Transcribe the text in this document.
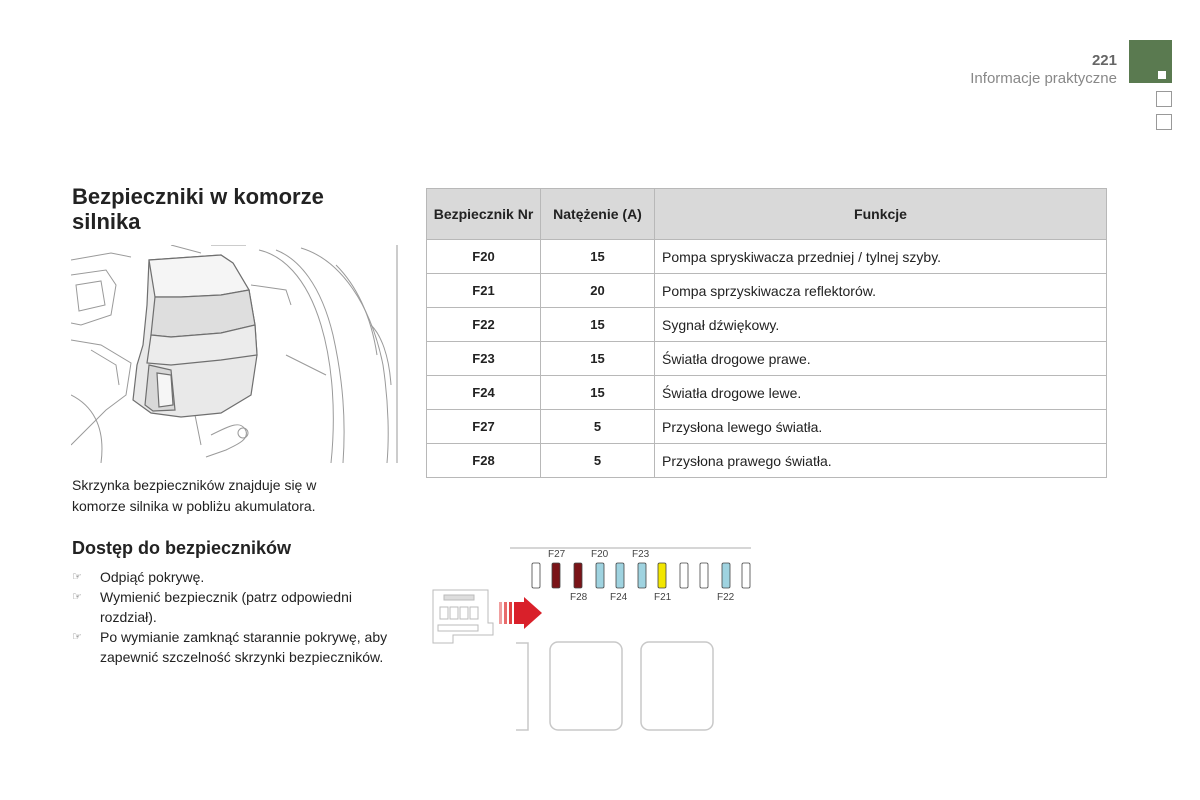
221
Informacje praktyczne
Bezpieczniki w komorze silnika
Skrzynka bezpieczników znajduje się w komorze silnika w pobliżu akumulatora.
Dostęp do bezpieczników
☞ Odpiąć pokrywę.
☞ Wymienić bezpiecznik (patrz odpowiedni rozdział).
☞ Po wymianie zamknąć starannie pokrywę, aby zapewnić szczelność skrzynki bezpieczników.
Bezpiecznik Nr	Natężenie (A)	Funkcje
F20	15	Pompa spryskiwacza przedniej / tylnej szyby.
F21	20	Pompa sprzyskiwacza reflektorów.
F22	15	Sygnał dźwiękowy.
F23	15	Światła drogowe prawe.
F24	15	Światła drogowe lewe.
F27	5	Przysłona lewego światła.
F28	5	Przysłona prawego światła.
F27	F20 F23
F28 F24	F21	F22
